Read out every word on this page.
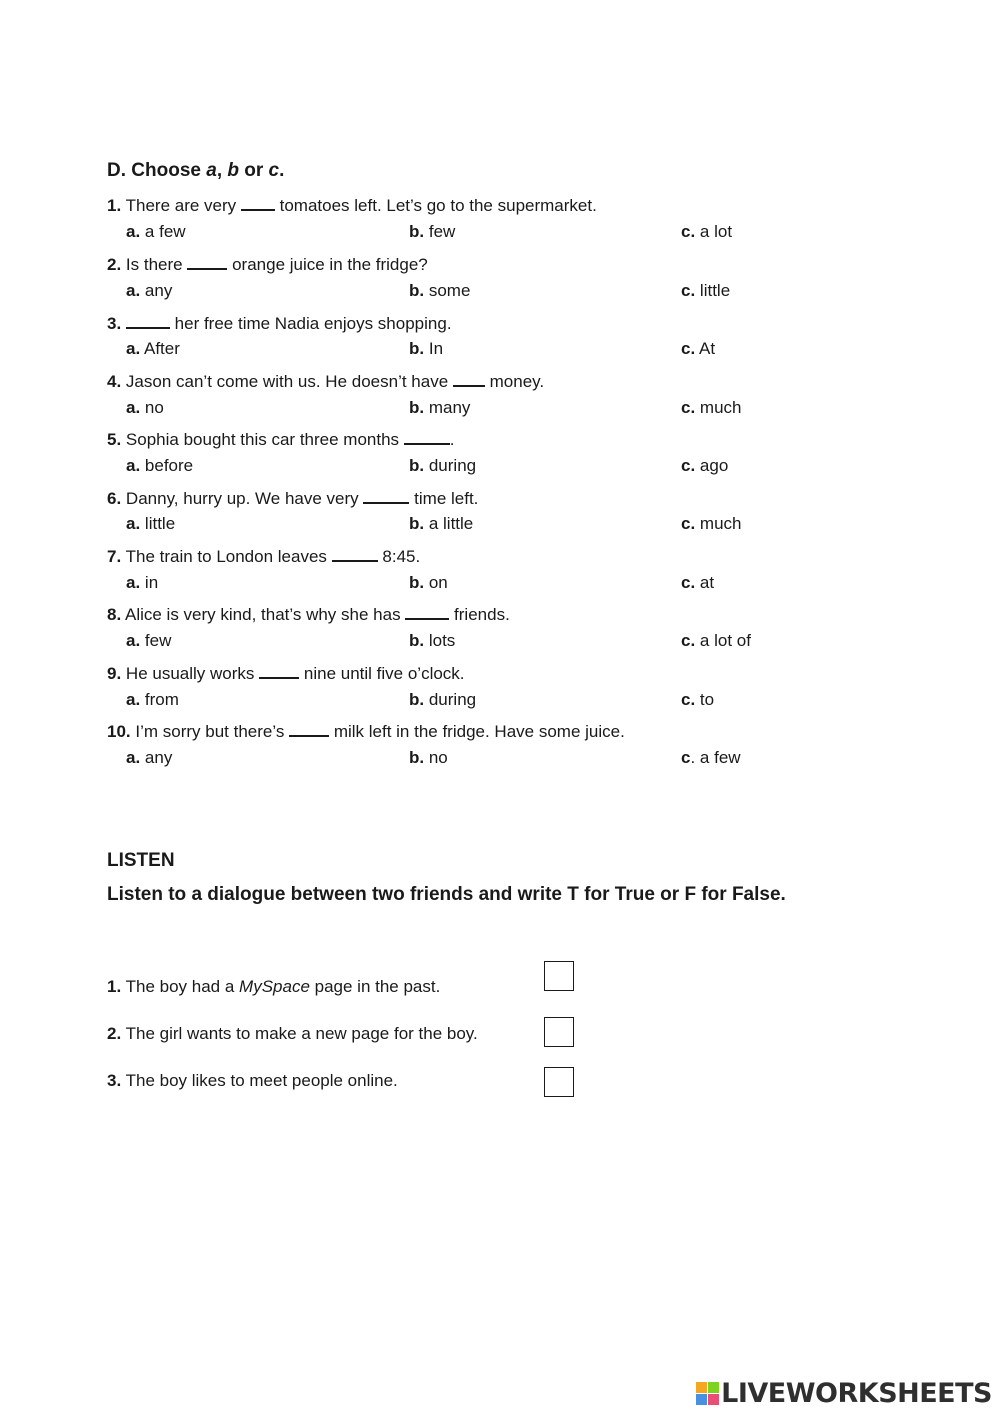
D. Choose a, b or c.
1. There are very	tomatoes left. Let’s go to the supermarket.
a. a few	b. few	c. a lot
2. Is there	orange juice in the fridge?
a. any	b. some	c. little
3.	her free time Nadia enjoys shopping.
a. After	b. In	c. At
4. Jason can’t come with us. He doesn’t have money.
a. no	b. many	c. much
5. Sophia bought this car three months	.
a. before	b. during	c. ago
6. Danny, hurry up. We have very	time left.
a. little	b. a little	c. much
7. The train to London leaves	8:45.
a. in	b. on	c. at
8. Alice is very kind, that’s why she has	friends.
a. few	b. lots	c. a lot of
9. He usually works	nine until five o’clock.
a. from	b. during	c. to
10. I’m sorry but there’s	milk left in the fridge. Have some juice.
a. any	b. no	c. a few
LISTEN

Listen to a dialogue between two friends and write T for True or F for False.

1. The boy had a MySpace page in the past.
2. The girl wants to make a new page for the boy.
3. The boy likes to meet people online.
LIVEWORKSHEETS
